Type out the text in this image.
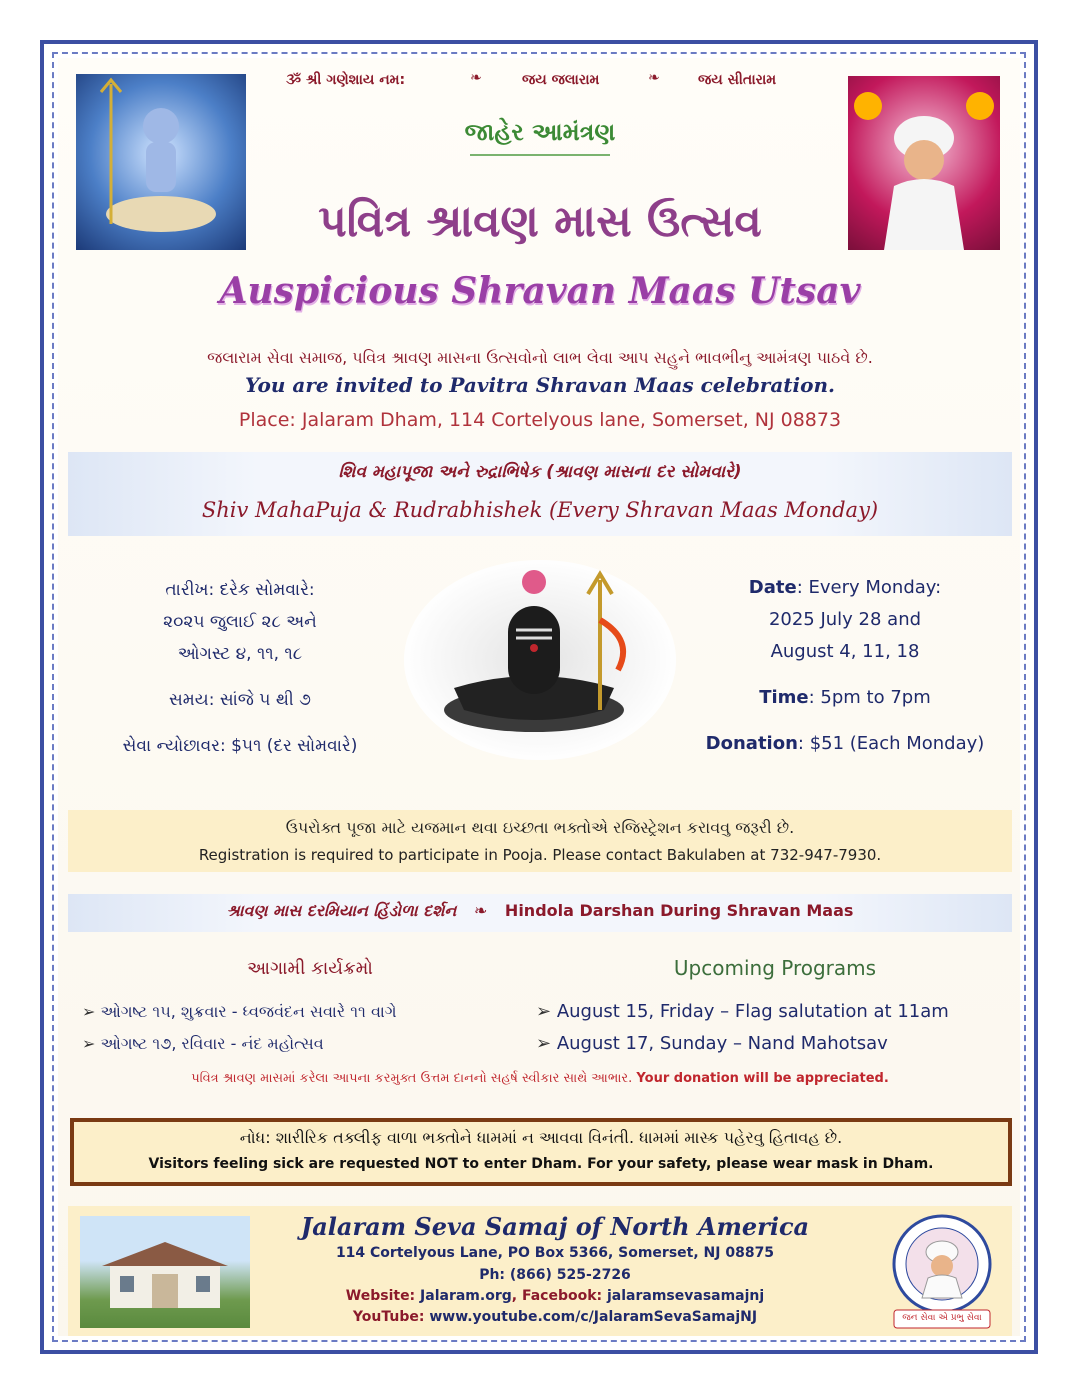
ૐ શ્રી ગણેશાય નમ:	❧	જય જલારામ	❧	જય સીતારામ
જાહેર આમંત્રણ
પવિત્ર શ્રાવણ માસ ઉત્સવ
Auspicious Shravan Maas Utsav
જલારામ સેવા સમાજ, પવિત્ર શ્રાવણ માસના ઉત્સવોનો લાભ લેવા આપ સહુને ભાવભીનુ આમંત્રણ પાઠવે છે.
You are invited to Pavitra Shravan Maas celebration.
Place: Jalaram Dham, 114 Cortelyous lane, Somerset, NJ 08873
શિવ મહાપૂજા અને રુદ્રાભિષેક (શ્રાવણ માસના દર સોમવારે)
Shiv MahaPuja & Rudrabhishek (Every Shravan Maas Monday)
તારીખ: દરેક સોમવારે:
૨૦૨૫ જુલાઈ ૨૮ અને
ઓગસ્ટ ૪, ૧૧, ૧૮
સમય: સાંજે ૫ થી ૭
સેવા ન્યોછાવર: $૫૧ (દર સોમવારે)
Date: Every Monday:
2025 July 28 and
August 4, 11, 18
Time: 5pm to 7pm
Donation: $51 (Each Monday)
ઉપરોક્ત પૂજા માટે યજમાન થવા ઇચ્છતા ભક્તોએ રજિસ્ટ્રેશન કરાવવુ જરૂરી છે.
Registration is required to participate in Pooja. Please contact Bakulaben at 732-947-7930.
શ્રાવણ માસ દરમિયાન હિંડોળા દર્શન ❧ Hindola Darshan During Shravan Maas
આગામી કાર્યક્રમો	Upcoming Programs
➢ ઓગષ્ટ ૧૫, શુક્રવાર - ધ્વજવંદન સવારે ૧૧ વાગે
➢ ઓગષ્ટ ૧૭, રવિવાર - નંદ મહોત્સવ
➢ August 15, Friday – Flag salutation at 11am
➢ August 17, Sunday – Nand Mahotsav
પવિત્ર શ્રાવણ માસમાં કરેલા આપના કરમુક્ત ઉત્તમ દાનનો સહર્ષ સ્વીકાર સાથે આભાર. Your donation will be appreciated.
નોધ: શારીરિક તક્લીફ વાળા ભક્તોને ધામમાં ન આવવા વિનંતી. ધામમાં માસ્ક પહેરવુ હિતાવહ છે.
Visitors feeling sick are requested NOT to enter Dham. For your safety, please wear mask in Dham.
Jalaram Seva Samaj of North America
114 Cortelyous Lane, PO Box 5366, Somerset, NJ 08875
Ph: (866) 525-2726
Website: Jalaram.org, Facebook: jalaramsevasamajnj
YouTube: www.youtube.com/c/JalaramSevaSamajNJ	જન સેવા એ પ્રભુ સેવા
